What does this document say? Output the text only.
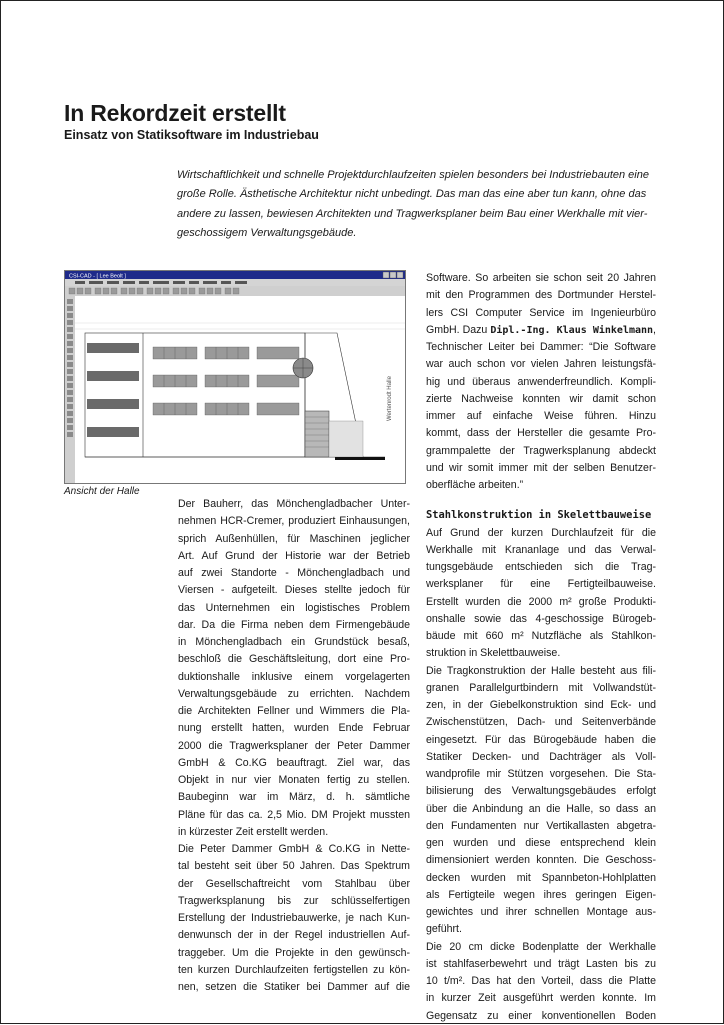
In Rekordzeit erstellt
Einsatz von Statiksoftware im Industriebau
Wirtschaftlichkeit und schnelle Projektdurchlaufzeiten spielen besonders bei Industriebauten eine
große Rolle. Ästhetische Architektur nicht unbedingt. Das man das eine aber tun kann, ohne das
andere zu lassen, bewiesen Architekten und Tragwerksplaner beim Bau einer Werkhalle mit vier-
geschossigem Verwaltungsgebäude.
CSI-CAD - [ Lee Beolt ]
Wertenrodt Halle
Ansicht der Halle
Der Bauherr, das Mönchengladbacher Unter-
nehmen HCR-Cremer, produziert Einhausungen,
sprich Außenhüllen, für Maschinen jeglicher
Art. Auf Grund der Historie war der Betrieb
auf zwei Standorte - Mönchengladbach und
Viersen - aufgeteilt. Dieses stellte jedoch für
das Unternehmen ein logistisches Problem
dar. Da die Firma neben dem Firmengebäude
in Mönchengladbach ein Grundstück besaß,
beschloß die Geschäftsleitung, dort eine Pro-
duktionshalle inklusive einem vorgelagerten
Verwaltungsgebäude zu errichten. Nachdem
die Architekten Fellner und Wimmers die Pla-
nung erstellt hatten, wurden Ende Februar
2000 die Tragwerksplaner der Peter Dammer
GmbH & Co.KG beauftragt. Ziel war, das
Objekt in nur vier Monaten fertig zu stellen.
Baubeginn war im März, d. h. sämtliche
Pläne für das ca. 2,5 Mio. DM Projekt mussten
in kürzester Zeit erstellt werden.
Die Peter Dammer GmbH & Co.KG in Nette-
tal besteht seit über 50 Jahren. Das Spektrum
der Gesellschaftreicht vom Stahlbau über
Tragwerksplanung bis zur schlüsselfertigen
Erstellung der Industriebauwerke, je nach Kun-
denwunsch der in der Regel industriellen Auf-
traggeber. Um die Projekte in den gewünsch-
ten kurzen Durchlaufzeiten fertigstellen zu kön-
nen, setzen die Statiker bei Dammer auf die
Software. So arbeiten sie schon seit 20 Jahren
mit den Programmen des Dortmunder Herstel-
lers CSI Computer Service im Ingenieurbüro
GmbH. Dazu Dipl.-Ing. Klaus Winkelmann,
Technischer Leiter bei Dammer: “Die Software
war auch schon vor vielen Jahren leistungsfä-
hig und überaus anwenderfreundlich. Kompli-
zierte Nachweise konnten wir damit schon
immer auf einfache Weise führen. Hinzu
kommt, dass der Hersteller die gesamte Pro-
grammpalette der Tragwerksplanung abdeckt
und wir somit immer mit der selben Benutzer-
oberfläche arbeiten.”
Stahlkonstruktion in Skelettbauweise
Auf Grund der kurzen Durchlaufzeit für die
Werkhalle mit Krananlage und das Verwal-
tungsgebäude entschieden sich die Trag-
werksplaner für eine Fertigteilbauweise.
Erstellt wurden die 2000 m² große Produkti-
onshalle sowie das 4-geschossige Bürogeb-
bäude mit 660 m² Nutzfläche als Stahlkon-
struktion in Skelettbauweise.
Die Tragkonstruktion der Halle besteht aus fili-
granen Parallelgurtbindern mit Vollwandstüt-
zen, in der Giebelkonstruktion sind Eck- und
Zwischenstützen, Dach- und Seitenverbände
eingesetzt. Für das Bürogebäude haben die
Statiker Decken- und Dachträger als Voll-
wandprofile mir Stützen vorgesehen. Die Sta-
bilisierung des Verwaltungsgebäudes erfolgt
über die Anbindung an die Halle, so dass an
den Fundamenten nur Vertikallasten abgetra-
gen wurden und diese entsprechend klein
dimensioniert werden konnten. Die Geschoss-
decken wurden mit Spannbeton-Hohlplatten
als Fertigteile wegen ihres geringen Eigen-
gewichtes und ihrer schnellen Montage aus-
geführt.
Die 20 cm dicke Bodenplatte der Werkhalle
ist stahlfaserbewehrt und trägt Lasten bis zu
10 t/m². Das hat den Vorteil, dass die Platte
in kurzer Zeit ausgeführt werden konnte. Im
Gegensatz zu einer konventionellen Boden
